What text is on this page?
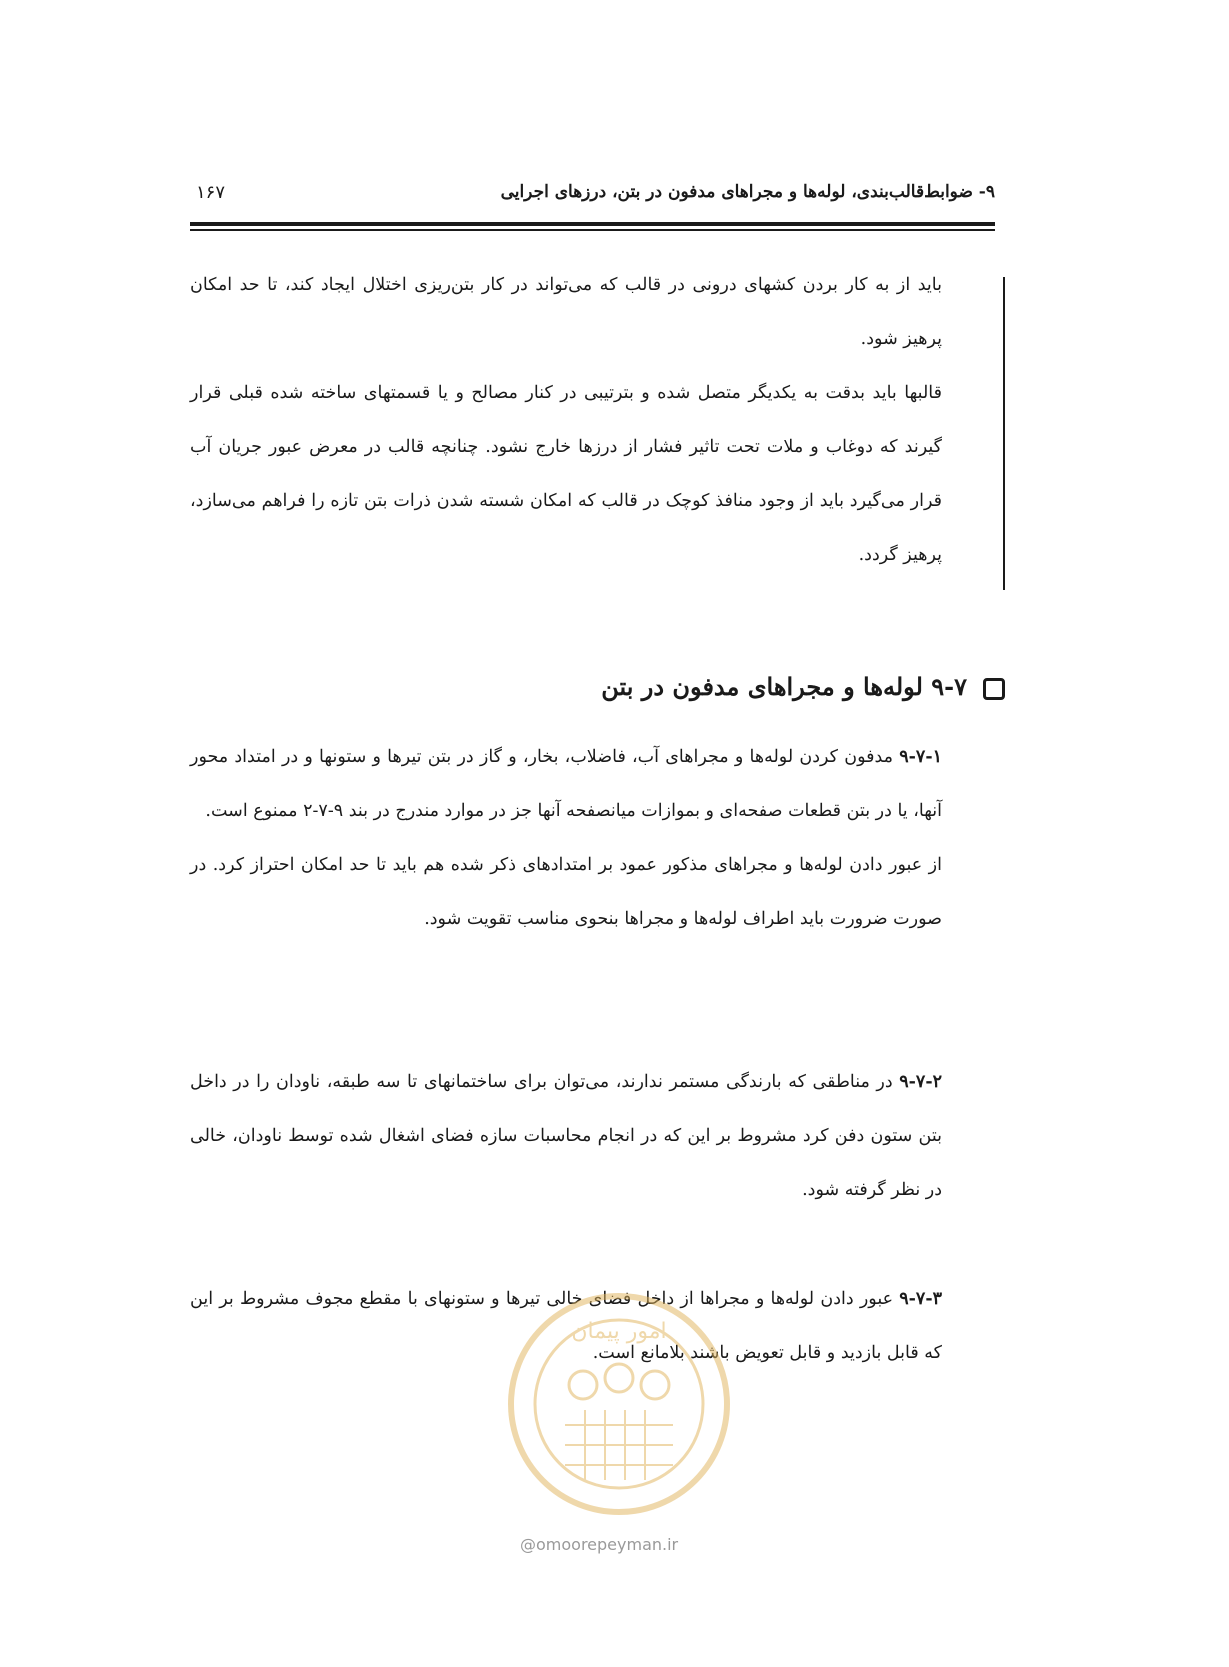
۹- ضوابط‌قالب‌بندی، لوله‌ها و مجراهای مدفون در بتن، درزهای اجرایی
۱۶۷

باید از به کار بردن کشهای درونی در قالب که می‌تواند در کار بتن‌ریزی اختلال ایجاد کند، تا حد امکان پرهیز شود.

قالبها باید بدقت به یکدیگر متصل شده و بترتیبی در کنار مصالح و یا قسمتهای ساخته شده قبلی قرار گیرند که دوغاب و ملات تحت تاثیر فشار از درزها خارج نشود. چنانچه قالب در معرض عبور جریان آب قرار می‌گیرد باید از وجود منافذ کوچک در قالب که امکان شسته شدن ذرات بتن تازه را فراهم می‌سازد، پرهیز گردد.

۹-۷ لوله‌ها و مجراهای مدفون در بتن

۹-۷-۱ مدفون کردن لوله‌ها و مجراهای آب، فاضلاب، بخار، و گاز در بتن تیرها و ستونها و در امتداد محور آنها، یا در بتن قطعات صفحه‌ای و بموازات میانصفحه آنها جز در موارد مندرج در بند ۹-۷-۲ ممنوع است.

از عبور دادن لوله‌ها و مجراهای مذکور عمود بر امتدادهای ذکر شده هم باید تا حد امکان احتراز کرد. در صورت ضرورت باید اطراف لوله‌ها و مجراها بنحوی مناسب تقویت شود.

۹-۷-۲ در مناطقی که بارندگی مستمر ندارند، می‌توان برای ساختمانهای تا سه طبقه، ناودان را در داخل بتن ستون دفن کرد مشروط بر این که در انجام محاسبات سازه فضای اشغال شده توسط ناودان، خالی در نظر گرفته شود.

۹-۷-۳ عبور دادن لوله‌ها و مجراها از داخل فضای خالی تیرها و ستونهای با مقطع مجوف مشروط بر این که قابل بازدید و قابل تعویض باشند بلامانع است.

امور پیمان
@omoorepeyman.ir
